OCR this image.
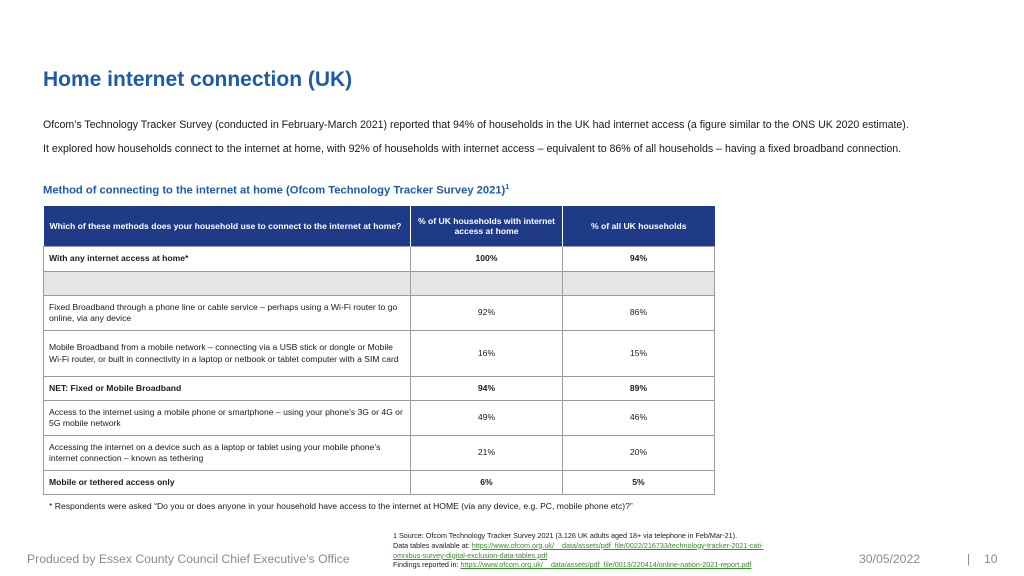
Home internet connection (UK)

Ofcom’s Technology Tracker Survey (conducted in February-March 2021) reported that 94% of households in the UK had internet access (a figure similar to the ONS UK 2020 estimate).

It explored how households connect to the internet at home, with 92% of households with internet access – equivalent to 86% of all households – having a fixed broadband connection.

Method of connecting to the internet at home (Ofcom Technology Tracker Survey 2021)$^1$
Which of these methods does your household use to connect to the internet at home?	% of UK households with internet access at home	% of all UK households
With any internet access at home*	100%	94%

Fixed Broadband through a phone line or cable service – perhaps using a Wi-Fi router to go online, via any device	92%	86%
Mobile Broadband from a mobile network – connecting via a USB stick or dongle or Mobile Wi-Fi router, or built in connectivity in a laptop or netbook or tablet computer with a SIM card	16%	15%
NET: Fixed or Mobile Broadband	94%	89%
Access to the internet using a mobile phone or smartphone – using your phone’s 3G or 4G or 5G mobile network	49%	46%
Accessing the internet on a device such as a laptop or tablet using your mobile phone’s internet connection – known as tethering	21%	20%
Mobile or tethered access only	6%	5%

* Respondents were asked “Do you or does anyone in your household have access to the internet at HOME (via any device, e.g. PC, mobile phone etc)?”

1 Source: Ofcom Technology Tracker Survey 2021 (3,126 UK adults aged 18+ via telephone in Feb/Mar-21).
Data tables available at: https://www.ofcom.org.uk/__data/assets/pdf_file/0022/216733/technology-tracker-2021-cati-
omnibus-survey-digital-exclusion-data-tables.pdf
Findings reported in: https://www.ofcom.org.uk/__data/assets/pdf_file/0013/220414/online-nation-2021-report.pdf

Produced by Essex County Council Chief Executive’s Office	30/05/2022	| 10
